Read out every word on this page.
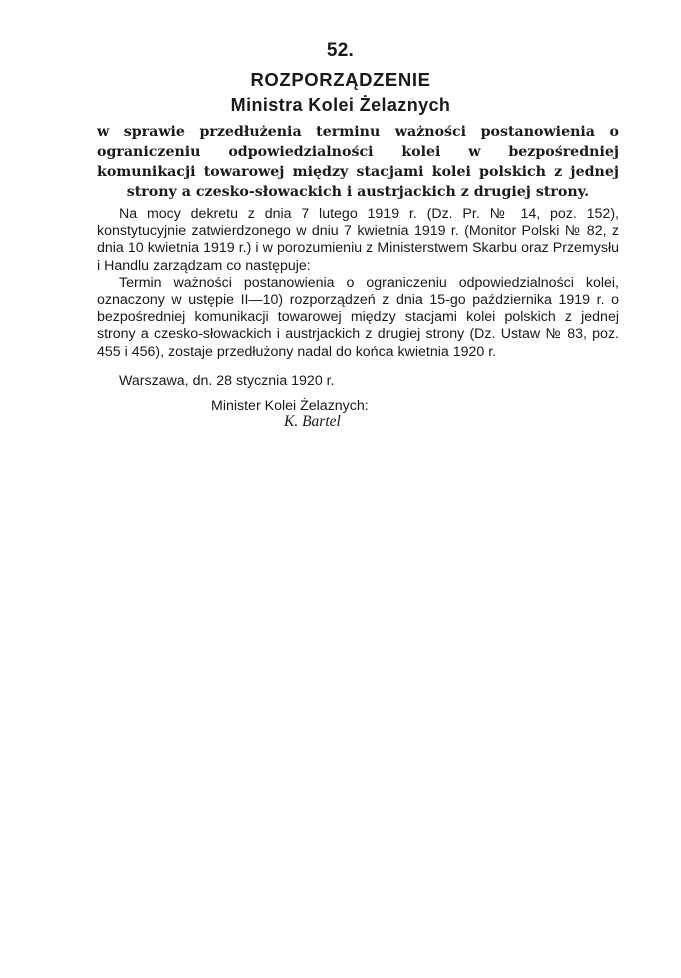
52.
ROZPORZĄDZENIE
Ministra Kolei Żelaznych
w sprawie przedłużenia terminu ważności postanowienia o ograniczeniu odpowiedzialności kolei w bezpośredniej komunikacji towarowej między stacjami kolei polskich z jednej strony a czesko-słowackich i austrjackich z drugiej strony.

Na mocy dekretu z dnia 7 lutego 1919 r. (Dz. Pr. № 14, poz. 152), konstytucyjnie zatwierdzonego w dniu 7 kwietnia 1919 r. (Monitor Polski № 82, z dnia 10 kwietnia 1919 r.) i w porozumieniu z Ministerstwem Skarbu oraz Przemysłu i Handlu zarządzam co następuje:

Termin ważności postanowienia o ograniczeniu odpowiedzialności kolei, oznaczony w ustępie II—10) rozporządzeń z dnia 15-go października 1919 r. o bezpośredniej komunikacji towarowej między stacjami kolei polskich z jednej strony a czesko-słowackich i austrjackich z drugiej strony (Dz. Ustaw № 83, poz. 455 i 456), zostaje przedłużony nadal do końca kwietnia 1920 r.

Warszawa, dn. 28 stycznia 1920 r.
Minister Kolei Żelaznych:
K. Bartel
